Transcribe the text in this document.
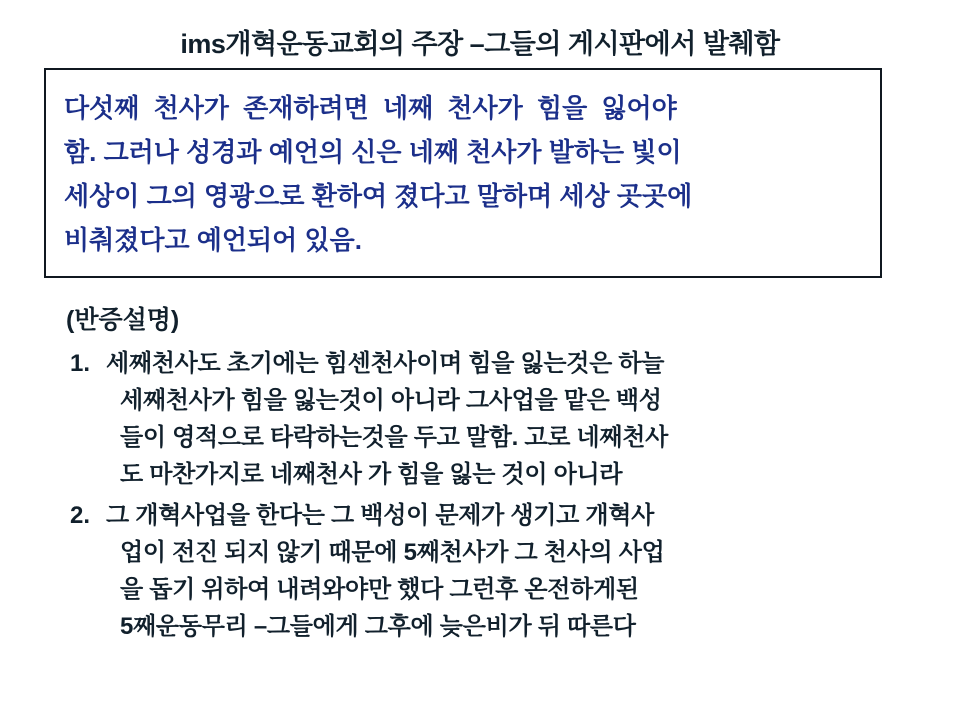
ims개혁운동교회의 주장 –그들의 게시판에서 발췌함
다섯째 천사가 존재하려면 네째 천사가 힘을 잃어야
함. 그러나 성경과 예언의 신은 네째 천사가 발하는 빛이
세상이 그의 영광으로 환하여 졌다고 말하며 세상 곳곳에
비춰졌다고 예언되어 있음.
(반증설명)
1. 세째천사도 초기에는 힘센천사이며 힘을 잃는것은 하늘
세째천사가 힘을 잃는것이 아니라 그사업을 맡은 백성
들이 영적으로 타락하는것을 두고 말함. 고로 네째천사
도 마찬가지로 네째천사 가 힘을 잃는 것이 아니라
2. 그 개혁사업을 한다는 그 백성이 문제가 생기고 개혁사
업이 전진 되지 않기 때문에 5째천사가 그 천사의 사업
을 돕기 위하여 내려와야만 했다 그런후 온전하게된
5째운동무리 –그들에게 그후에 늦은비가 뒤 따른다
